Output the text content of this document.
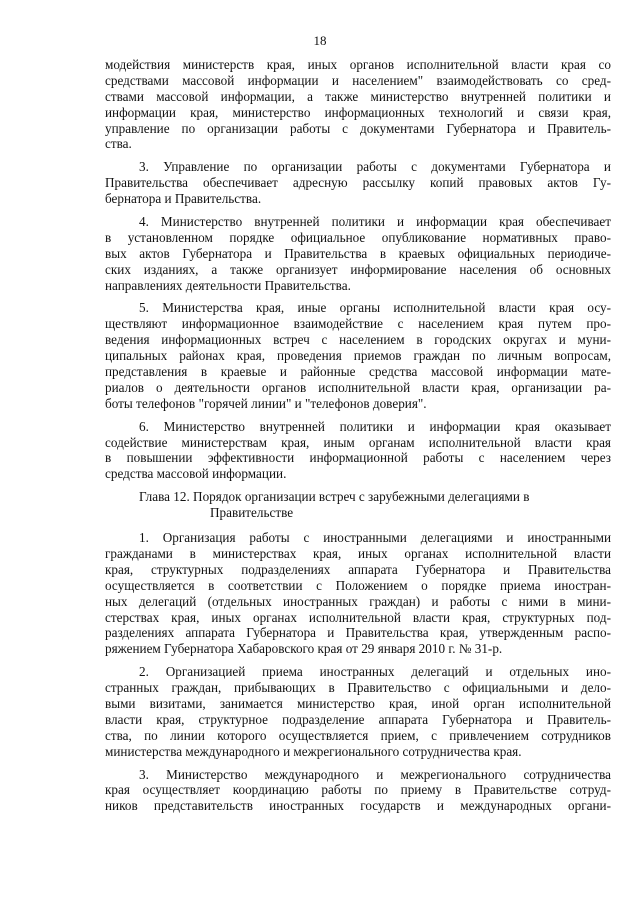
18
модействия министерств края, иных органов исполнительной власти края со
средствами массовой информации и населением" взаимодействовать со сред-
ствами массовой информации, а также министерство внутренней политики и
информации края, министерство информационных технологий и связи края,
управление по организации работы с документами Губернатора и Правитель-
ства.
3. Управление по организации работы с документами Губернатора и
Правительства обеспечивает адресную рассылку копий правовых актов Гу-
бернатора и Правительства.
4. Министерство внутренней политики и информации края обеспечивает
в установленном порядке официальное опубликование нормативных право-
вых актов Губернатора и Правительства в краевых официальных периодиче-
ских изданиях, а также организует информирование населения об основных
направлениях деятельности Правительства.
5. Министерства края, иные органы исполнительной власти края осу-
ществляют информационное взаимодействие с населением края путем про-
ведения информационных встреч с населением в городских округах и муни-
ципальных районах края, проведения приемов граждан по личным вопросам,
представления в краевые и районные средства массовой информации мате-
риалов о деятельности органов исполнительной власти края, организации ра-
боты телефонов "горячей линии" и "телефонов доверия".
6. Министерство внутренней политики и информации края оказывает
содействие министерствам края, иным органам исполнительной власти края
в повышении эффективности информационной работы с населением через
средства массовой информации.
Глава 12. Порядок организации встреч с зарубежными делегациями в
Правительстве
1. Организация работы с иностранными делегациями и иностранными
гражданами в министерствах края, иных органах исполнительной власти
края, структурных подразделениях аппарата Губернатора и Правительства
осуществляется в соответствии с Положением о порядке приема иностран-
ных делегаций (отдельных иностранных граждан) и работы с ними в мини-
стерствах края, иных органах исполнительной власти края, структурных под-
разделениях аппарата Губернатора и Правительства края, утвержденным распо-
ряжением Губернатора Хабаровского края от 29 января 2010 г. № 31-р.
2. Организацией приема иностранных делегаций и отдельных ино-
странных граждан, прибывающих в Правительство с официальными и дело-
выми визитами, занимается министерство края, иной орган исполнительной
власти края, структурное подразделение аппарата Губернатора и Правитель-
ства, по линии которого осуществляется прием, с привлечением сотрудников
министерства международного и межрегионального сотрудничества края.
3. Министерство международного и межрегионального сотрудничества
края осуществляет координацию работы по приему в Правительстве сотруд-
ников представительств иностранных государств и международных органи-
